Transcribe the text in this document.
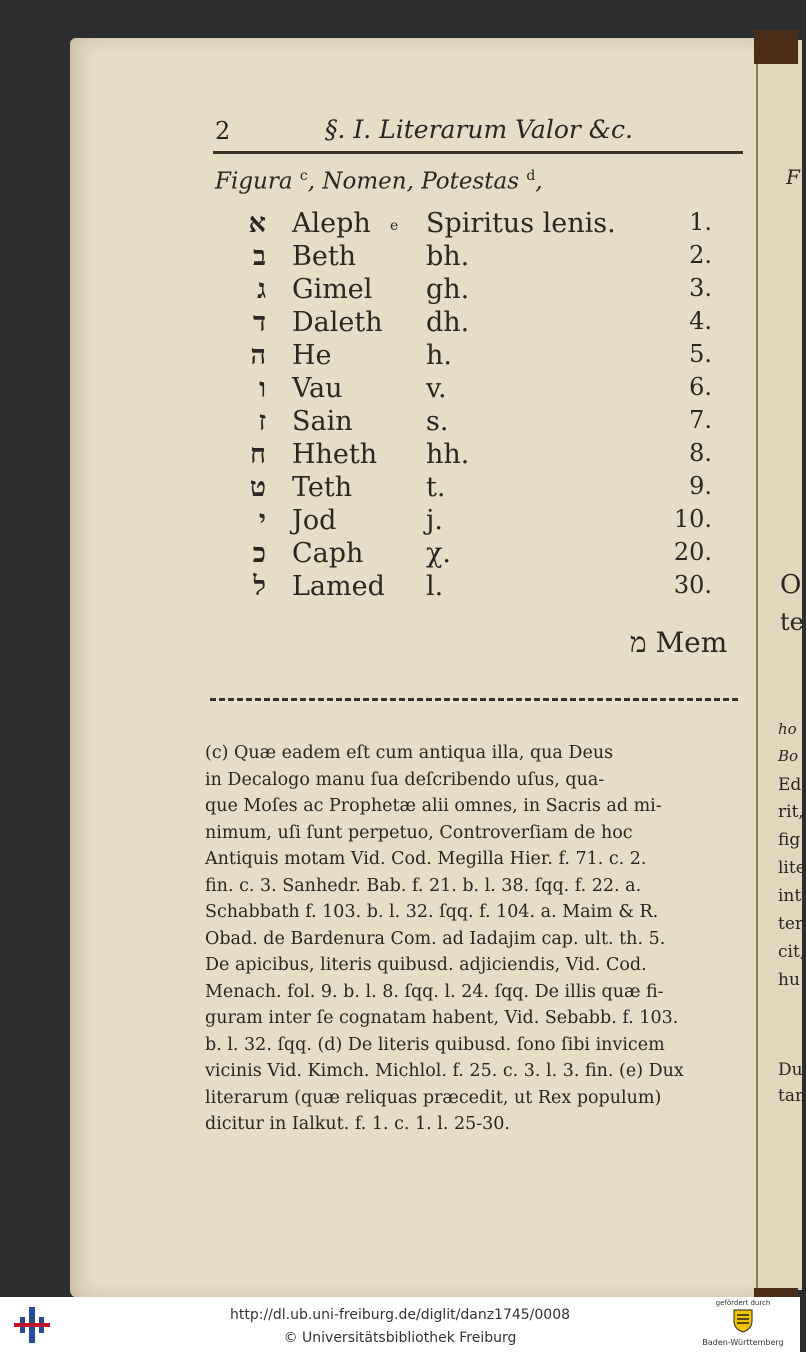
F
O
te
ho
Bo
Ed
rit,
fig
lite
int
ter
cit,
hu
Du
tan
2	§. I. Literarum Valor &c.
Figura $^c$, Nomen, Potestas $^d$,
א Aleph e Spiritus lenis.	1.
ב Beth	bh.	2.
ג Gimel gh.	3.
ד Daleth dh.	4.
ה He	h.	5.
ו Vau	v.	6.
ז Sain	s.	7.
ח Hheth hh.	8.
ט Teth	t.	9.
י Jod	j.	10.
כ Caph χ.	20.
ל Lamed l.	30.
מ Mem
(c) Quæ eadem eſt cum antiqua illa, qua Deus
in Decalogo manu ſua deſcribendo uſus, qua-
que Moſes ac Prophetæ alii omnes, in Sacris ad mi-
nimum, uſi ſunt perpetuo, Controverſiam de hoc
Antiquis motam Vid. Cod. Megilla Hier. f. 71. c. 2.
fin. c. 3. Sanhedr. Bab. f. 21. b. l. 38. ſqq. f. 22. a.
Schabbath f. 103. b. l. 32. ſqq. f. 104. a. Maim & R.
Obad. de Bardenura Com. ad Iadajim cap. ult. th. 5.
De apicibus, literis quibusd. adjiciendis, Vid. Cod.
Menach. fol. 9. b. l. 8. ſqq. l. 24. ſqq. De illis quæ fi-
guram inter ſe cognatam habent, Vid. Sebabb. f. 103.
b. l. 32. ſqq. (d) De literis quibusd. ſono ſibi invicem
vicinis Vid. Kimch. Michlol. f. 25. c. 3. l. 3. fin. (e) Dux
literarum (quæ reliquas præcedit, ut Rex populum)
dicitur in Ialkut. f. 1. c. 1. l. 25-30.
http://dl.ub.uni-freiburg.de/diglit/danz1745/0008
© Universitätsbibliothek Freiburg
gefördert durch
Baden-Württemberg
